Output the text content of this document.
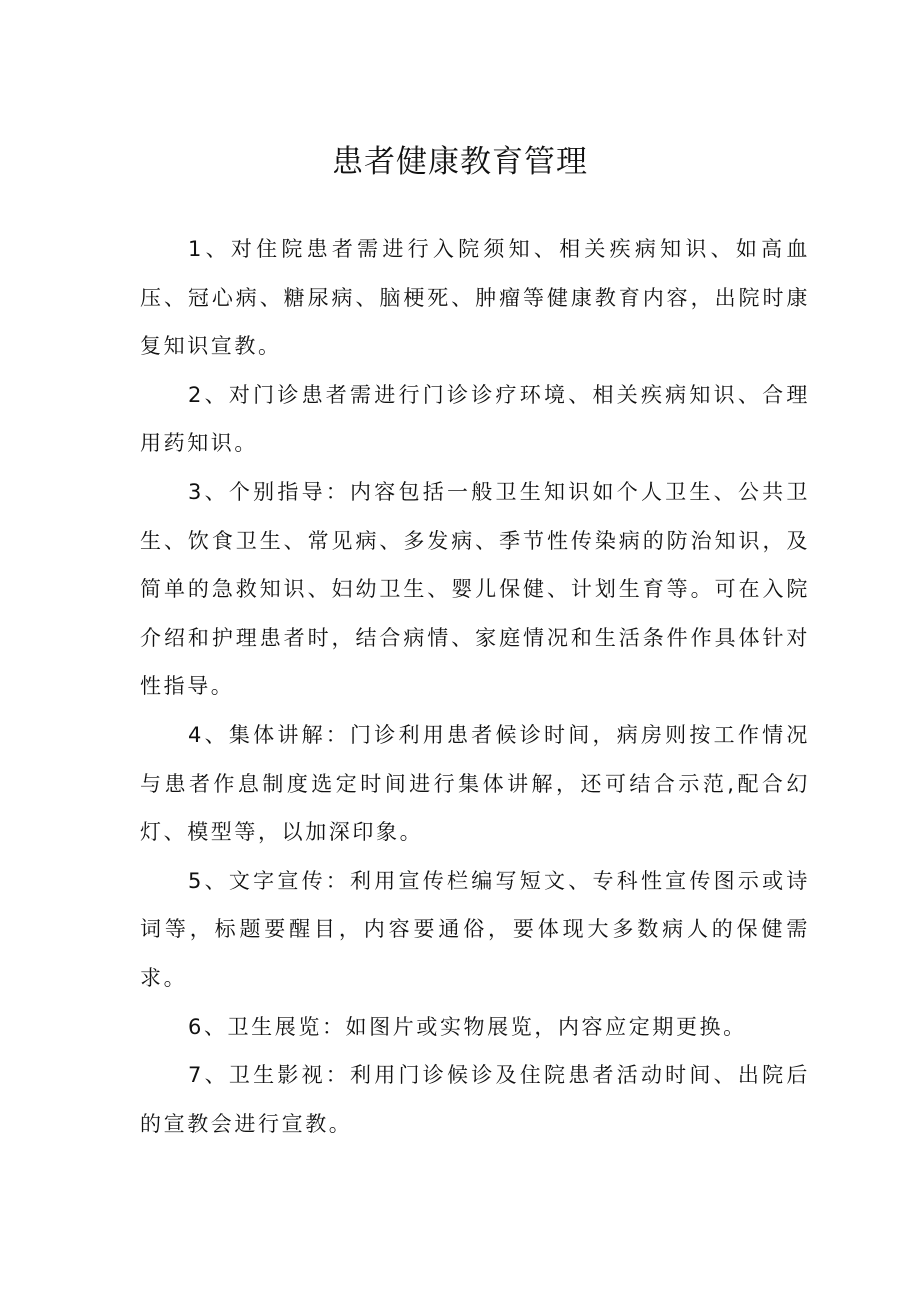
患者健康教育管理

1、对住院患者需进行入院须知、相关疾病知识、如高血压、冠心病、糖尿病、脑梗死、肿瘤等健康教育内容，出院时康复知识宣教。

2、对门诊患者需进行门诊诊疗环境、相关疾病知识、合理用药知识。

3、个别指导：内容包括一般卫生知识如个人卫生、公共卫生、饮食卫生、常见病、多发病、季节性传染病的防治知识，及简单的急救知识、妇幼卫生、婴儿保健、计划生育等。可在入院介绍和护理患者时，结合病情、家庭情况和生活条件作具体针对性指导。

4、集体讲解：门诊利用患者候诊时间，病房则按工作情况与患者作息制度选定时间进行集体讲解，还可结合示范,配合幻灯、模型等，以加深印象。

5、文字宣传：利用宣传栏编写短文、专科性宣传图示或诗词等，标题要醒目，内容要通俗，要体现大多数病人的保健需求。

6、卫生展览：如图片或实物展览，内容应定期更换。

7、卫生影视：利用门诊候诊及住院患者活动时间、出院后的宣教会进行宣教。
